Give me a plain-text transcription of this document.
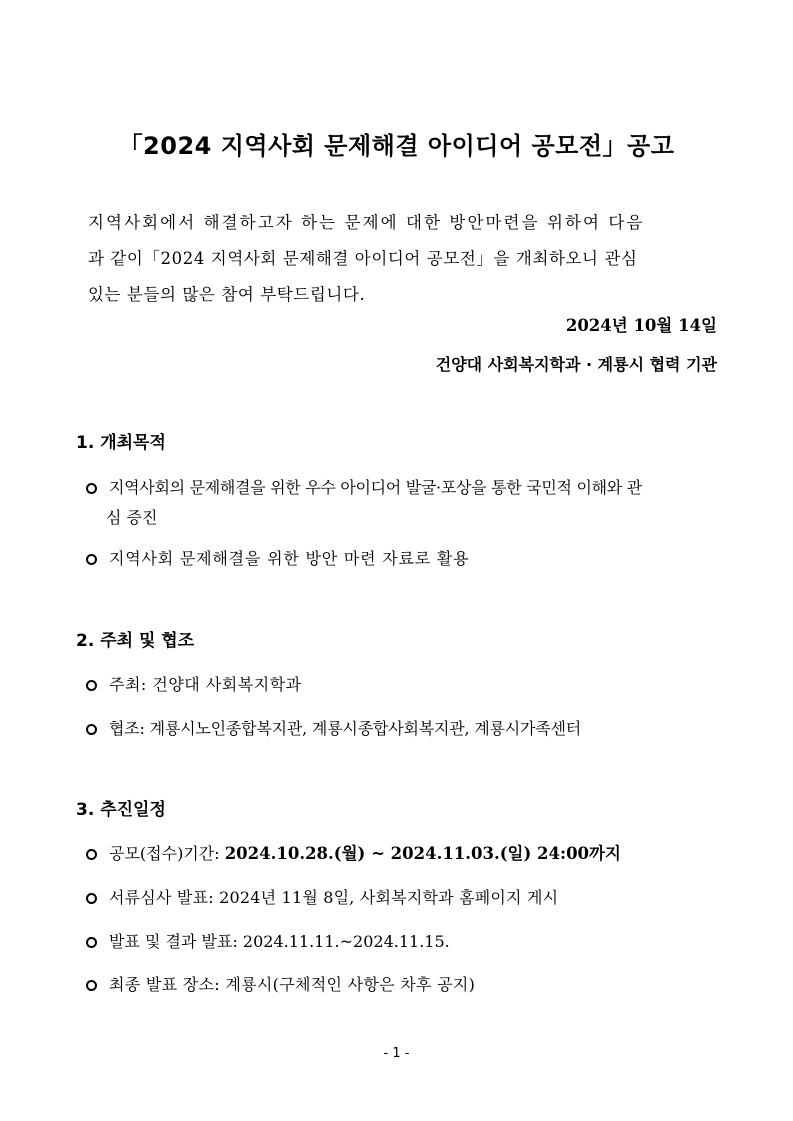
「2024 지역사회 문제해결 아이디어 공모전」공고
지역사회에서 해결하고자 하는 문제에 대한 방안마련을 위하여 다음
과 같이「2024 지역사회 문제해결 아이디어 공모전」을 개최하오니 관심
있는 분들의 많은 참여 부탁드립니다.
2024년 10월 14일
건양대 사회복지학과 · 계룡시 협력 기관
1. 개최목적
지역사회의 문제해결을 위한 우수 아이디어 발굴·포상을 통한 국민적 이해와 관
심 증진
지역사회 문제해결을 위한 방안 마련 자료로 활용
2. 주최 및 협조
주최: 건양대 사회복지학과
협조: 계룡시노인종합복지관, 계룡시종합사회복지관, 계룡시가족센터
3. 추진일정
공모(접수)기간: 2024.10.28.(월) ~ 2024.11.03.(일) 24:00까지
서류심사 발표: 2024년 11월 8일, 사회복지학과 홈페이지 게시
발표 및 결과 발표: 2024.11.11.~2024.11.15.
최종 발표 장소: 계룡시(구체적인 사항은 차후 공지)
- 1 -
